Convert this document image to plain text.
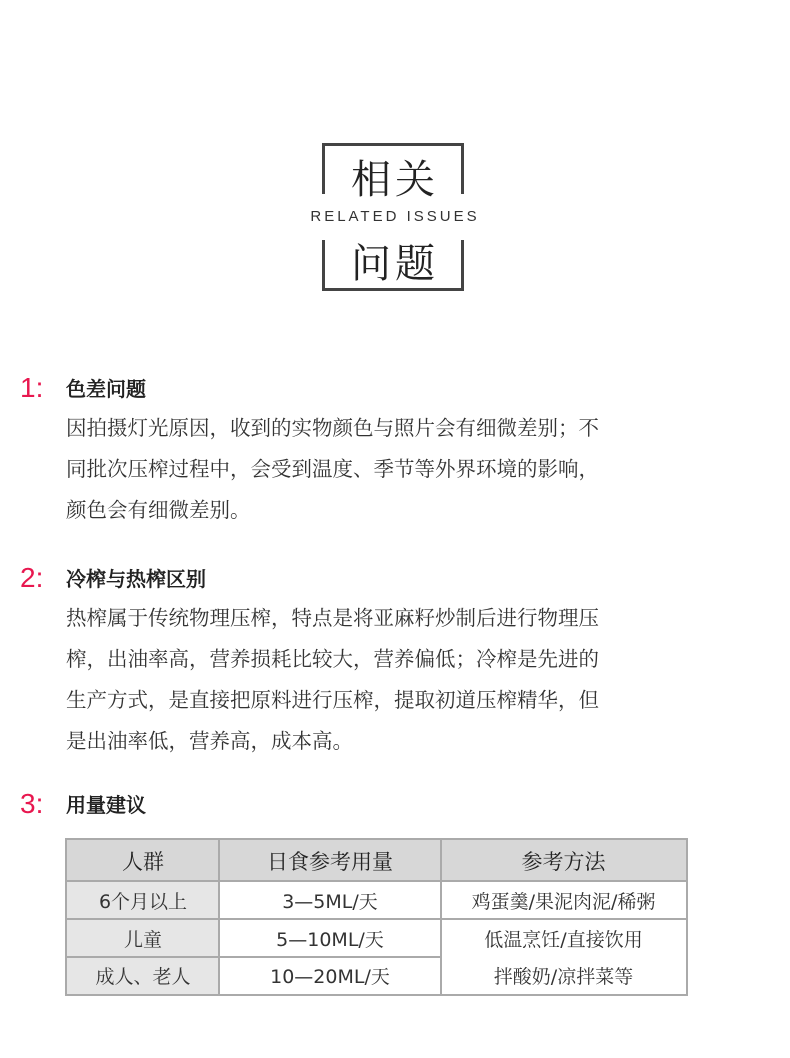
相关
RELATED ISSUES
问题
1: 色差问题
因拍摄灯光原因，收到的实物颜色与照片会有细微差别；不
同批次压榨过程中，会受到温度、季节等外界环境的影响，
颜色会有细微差别。
2: 冷榨与热榨区别
热榨属于传统物理压榨，特点是将亚麻籽炒制后进行物理压
榨，出油率高，营养损耗比较大，营养偏低；冷榨是先进的
生产方式，是直接把原料进行压榨，提取初道压榨精华，但
是出油率低，营养高，成本高。
3: 用量建议
人群	日食参考用量	参考方法
6个月以上
儿童
成人、老人
3—5ML/天
5—10ML/天
10—20ML/天
鸡蛋羹/果泥肉泥/稀粥
低温烹饪/直接饮用
拌酸奶/凉拌菜等
